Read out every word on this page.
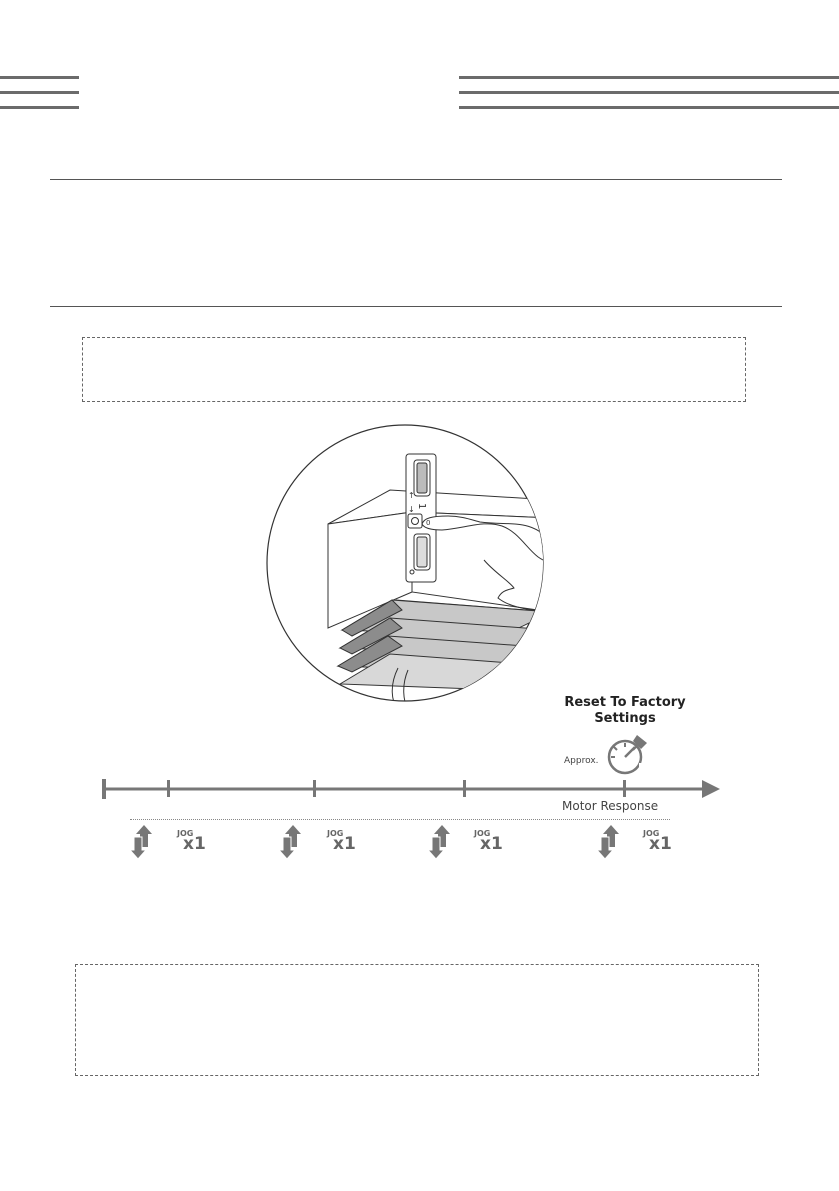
1
↑
↓
0
Reset To Factory Settings
Approx.
Motor Response
JOG
x1
JOG
x1
JOG
x1
JOG
x1
